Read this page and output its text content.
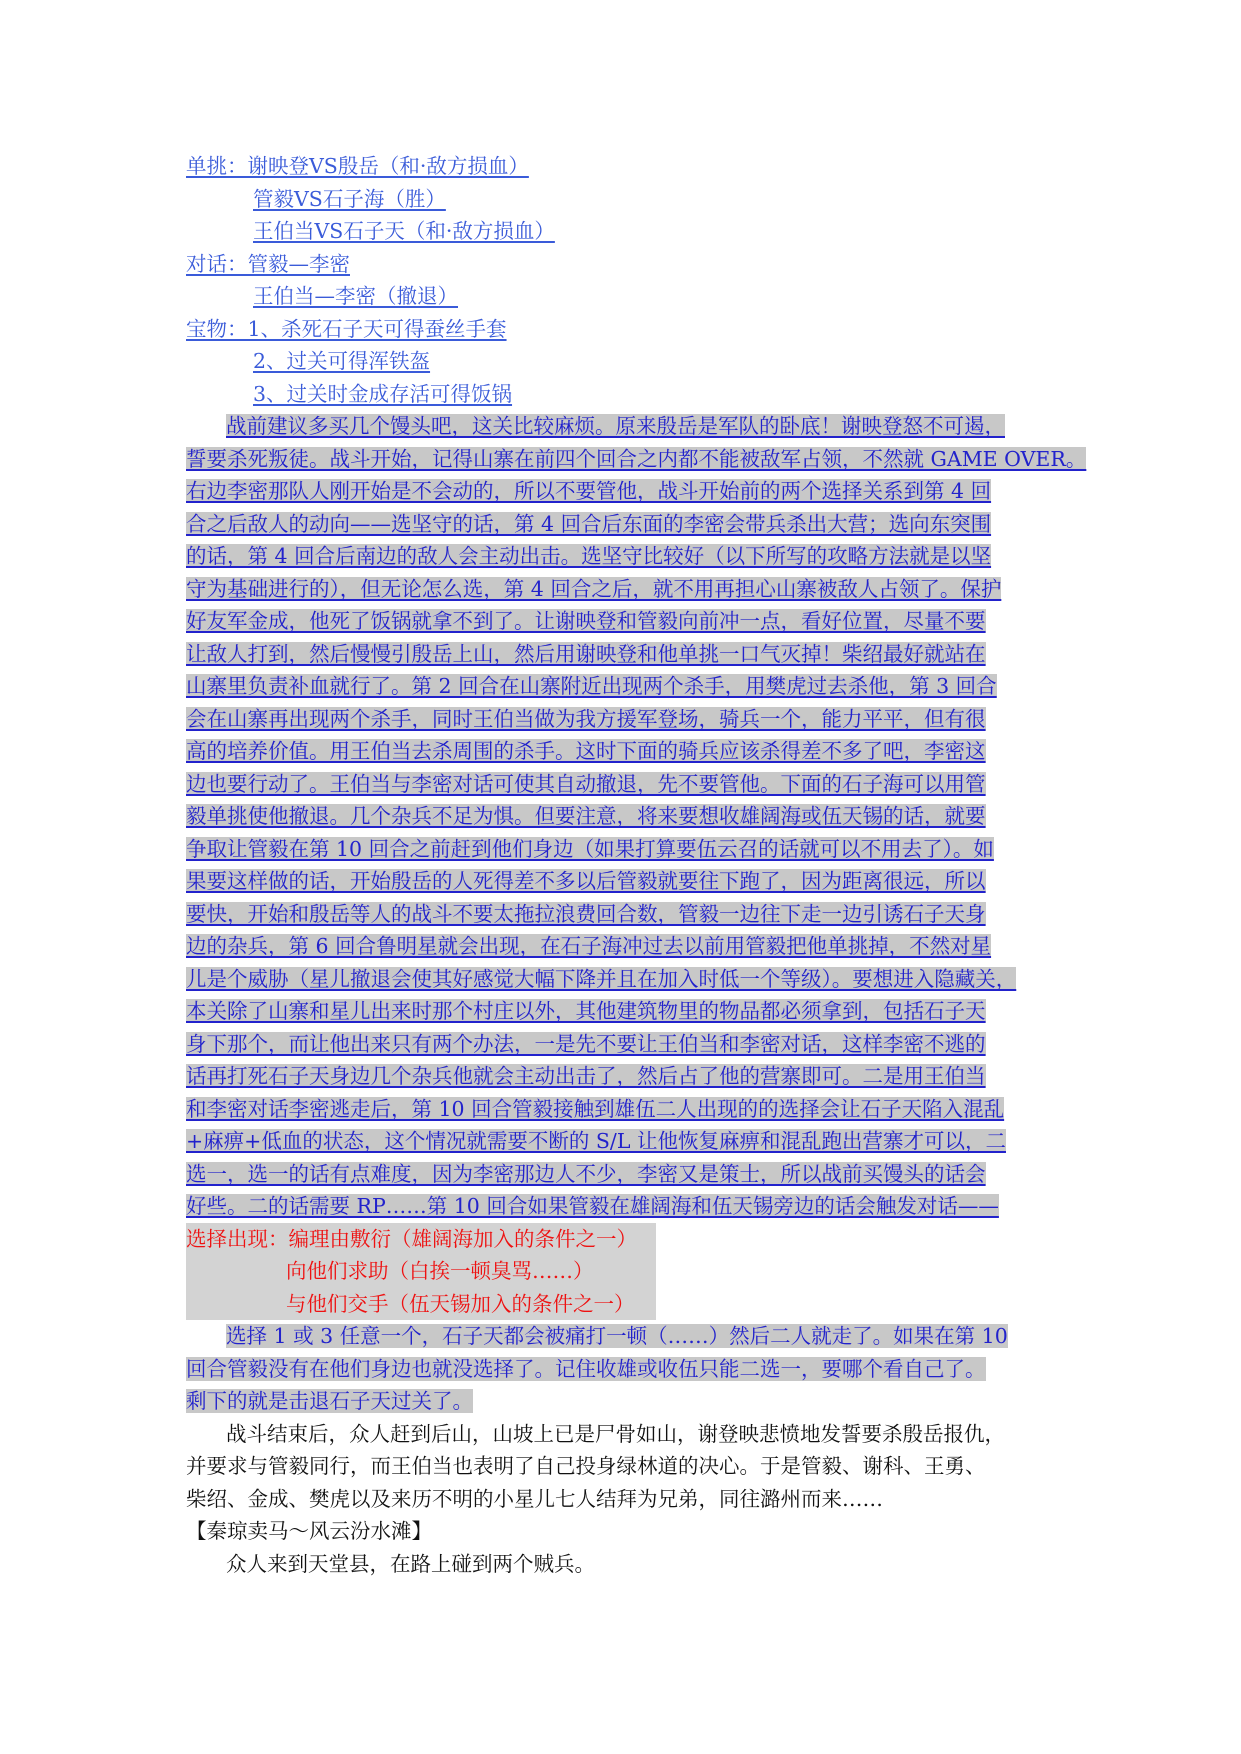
单挑：谢映登VS殷岳（和·敌方损血）
管毅VS石子海（胜）
王伯当VS石子天（和·敌方损血）
对话：管毅—李密
王伯当—李密（撤退）
宝物：1、杀死石子天可得蚕丝手套
2、过关可得浑铁盔
3、过关时金成存活可得饭锅
战前建议多买几个馒头吧，这关比较麻烦。原来殷岳是军队的卧底！谢映登怒不可遏，
誓要杀死叛徒。战斗开始，记得山寨在前四个回合之内都不能被敌军占领，不然就 GAME OVER。
右边李密那队人刚开始是不会动的，所以不要管他，战斗开始前的两个选择关系到第 4 回
合之后敌人的动向——选坚守的话，第 4 回合后东面的李密会带兵杀出大营；选向东突围
的话，第 4 回合后南边的敌人会主动出击。选坚守比较好（以下所写的攻略方法就是以坚
守为基础进行的），但无论怎么选，第 4 回合之后，就不用再担心山寨被敌人占领了。保护
好友军金成，他死了饭锅就拿不到了。让谢映登和管毅向前冲一点，看好位置，尽量不要
让敌人打到，然后慢慢引殷岳上山，然后用谢映登和他单挑一口气灭掉！柴绍最好就站在
山寨里负责补血就行了。第 2 回合在山寨附近出现两个杀手，用樊虎过去杀他，第 3 回合
会在山寨再出现两个杀手，同时王伯当做为我方援军登场，骑兵一个，能力平平，但有很
高的培养价值。用王伯当去杀周围的杀手。这时下面的骑兵应该杀得差不多了吧，李密这
边也要行动了。王伯当与李密对话可使其自动撤退，先不要管他。下面的石子海可以用管
毅单挑使他撤退。几个杂兵不足为惧。但要注意，将来要想收雄阔海或伍天锡的话，就要
争取让管毅在第 10 回合之前赶到他们身边（如果打算要伍云召的话就可以不用去了）。如
果要这样做的话，开始殷岳的人死得差不多以后管毅就要往下跑了，因为距离很远，所以
要快，开始和殷岳等人的战斗不要太拖拉浪费回合数，管毅一边往下走一边引诱石子天身
边的杂兵，第 6 回合鲁明星就会出现，在石子海冲过去以前用管毅把他单挑掉，不然对星
儿是个威胁（星儿撤退会使其好感觉大幅下降并且在加入时低一个等级）。要想进入隐藏关，
本关除了山寨和星儿出来时那个村庄以外，其他建筑物里的物品都必须拿到，包括石子天
身下那个，而让他出来只有两个办法，一是先不要让王伯当和李密对话，这样李密不逃的
话再打死石子天身边几个杂兵他就会主动出击了，然后占了他的营寨即可。二是用王伯当
和李密对话李密逃走后，第 10 回合管毅接触到雄伍二人出现的的选择会让石子天陷入混乱
+麻痹+低血的状态，这个情况就需要不断的 S/L 让他恢复麻痹和混乱跑出营寨才可以，二
选一，选一的话有点难度，因为李密那边人不少，李密又是策士，所以战前买馒头的话会
好些。二的话需要 RP……第 10 回合如果管毅在雄阔海和伍天锡旁边的话会触发对话——
选择出现：编理由敷衍（雄阔海加入的条件之一）
向他们求助（白挨一顿臭骂……）
与他们交手（伍天锡加入的条件之一）
选择 1 或 3 任意一个，石子天都会被痛打一顿（……）然后二人就走了。如果在第 10
回合管毅没有在他们身边也就没选择了。记住收雄或收伍只能二选一，要哪个看自己了。
剩下的就是击退石子天过关了。
战斗结束后，众人赶到后山，山坡上已是尸骨如山，谢登映悲愤地发誓要杀殷岳报仇，
并要求与管毅同行，而王伯当也表明了自己投身绿林道的决心。于是管毅、谢科、王勇、
柴绍、金成、樊虎以及来历不明的小星儿七人结拜为兄弟，同往潞州而来……
【秦琼卖马～风云汾水滩】
众人来到天堂县，在路上碰到两个贼兵。
